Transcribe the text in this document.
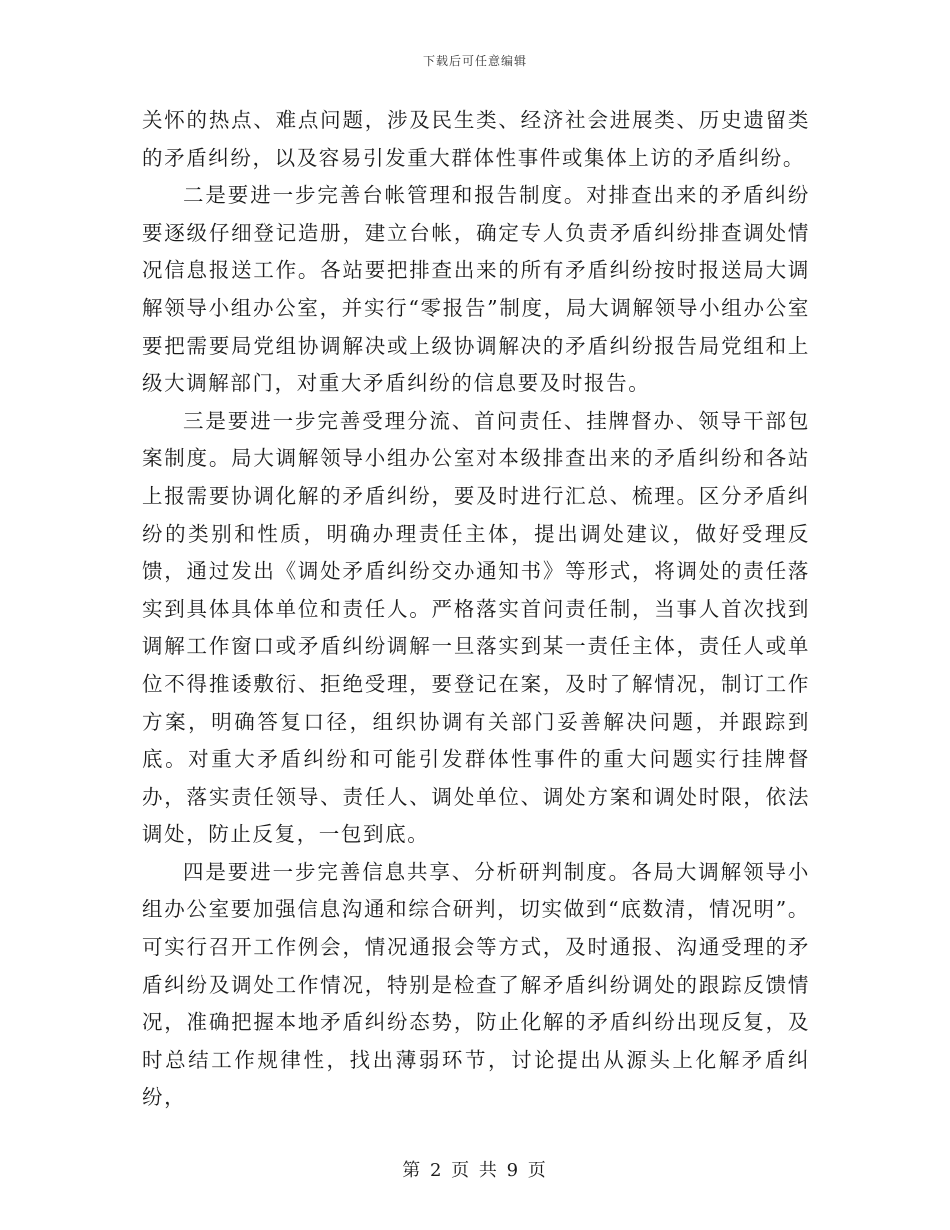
下载后可任意编辑

关怀的热点、难点问题，涉及民生类、经济社会进展类、历史遗留类的矛盾纠纷，以及容易引发重大群体性事件或集体上访的矛盾纠纷。

二是要进一步完善台帐管理和报告制度。对排查出来的矛盾纠纷要逐级仔细登记造册，建立台帐，确定专人负责矛盾纠纷排查调处情况信息报送工作。各站要把排查出来的所有矛盾纠纷按时报送局大调解领导小组办公室，并实行“零报告”制度，局大调解领导小组办公室要把需要局党组协调解决或上级协调解决的矛盾纠纷报告局党组和上级大调解部门，对重大矛盾纠纷的信息要及时报告。

三是要进一步完善受理分流、首问责任、挂牌督办、领导干部包案制度。局大调解领导小组办公室对本级排查出来的矛盾纠纷和各站上报需要协调化解的矛盾纠纷，要及时进行汇总、梳理。区分矛盾纠纷的类别和性质，明确办理责任主体，提出调处建议，做好受理反馈，通过发出《调处矛盾纠纷交办通知书》等形式，将调处的责任落实到具体具体单位和责任人。严格落实首问责任制，当事人首次找到调解工作窗口或矛盾纠纷调解一旦落实到某一责任主体，责任人或单位不得推诿敷衍、拒绝受理，要登记在案，及时了解情况，制订工作方案，明确答复口径，组织协调有关部门妥善解决问题，并跟踪到底。对重大矛盾纠纷和可能引发群体性事件的重大问题实行挂牌督办，落实责任领导、责任人、调处单位、调处方案和调处时限，依法调处，防止反复，一包到底。

四是要进一步完善信息共享、分析研判制度。各局大调解领导小组办公室要加强信息沟通和综合研判，切实做到“底数清，情况明”。可实行召开工作例会，情况通报会等方式，及时通报、沟通受理的矛盾纠纷及调处工作情况，特别是检查了解矛盾纠纷调处的跟踪反馈情况，准确把握本地矛盾纠纷态势，防止化解的矛盾纠纷出现反复，及时总结工作规律性，找出薄弱环节，讨论提出从源头上化解矛盾纠纷，

第 2 页 共 9 页
